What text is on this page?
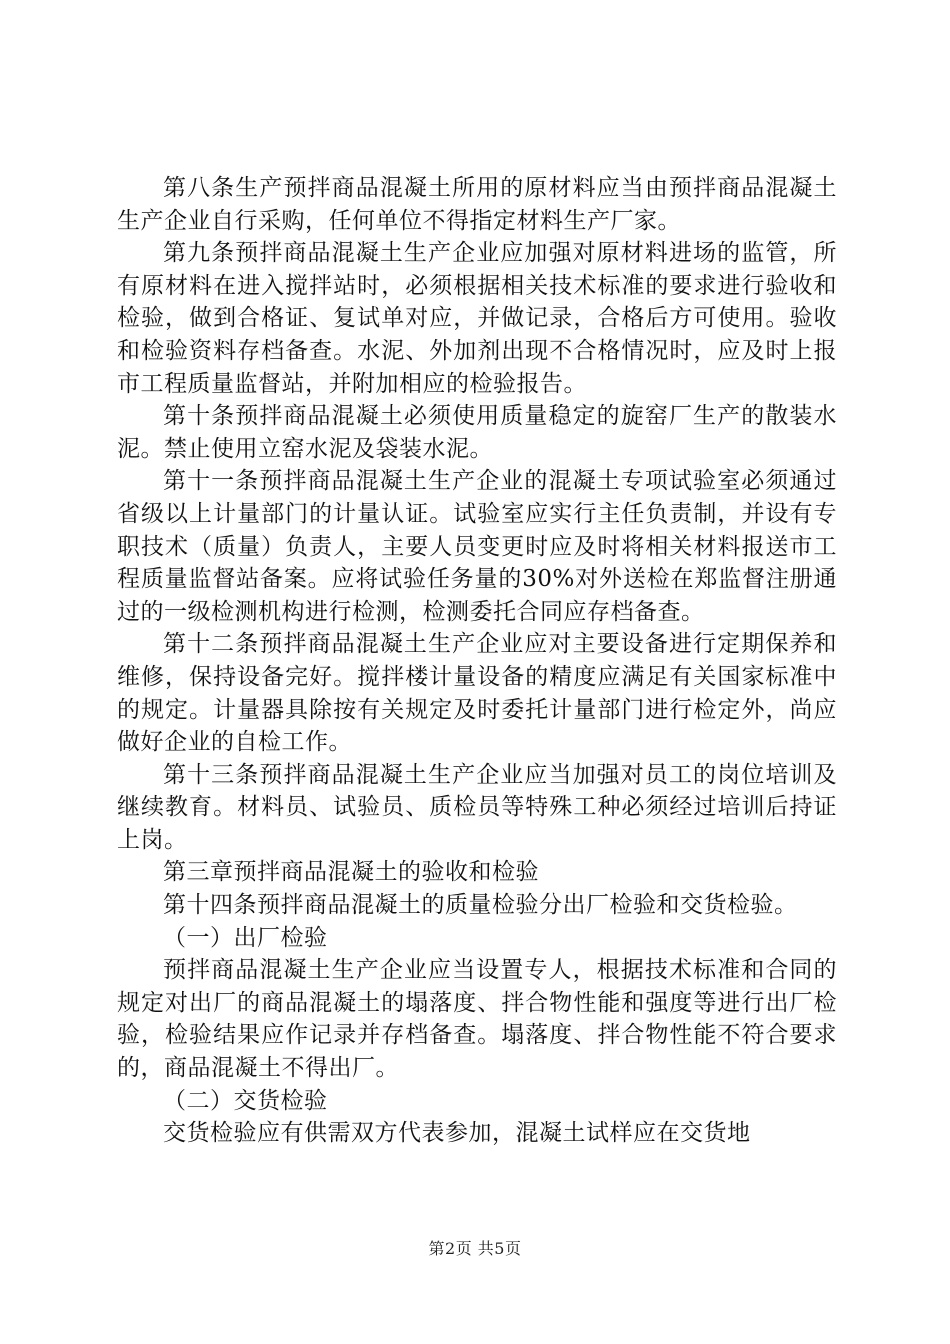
第八条生产预拌商品混凝土所用的原材料应当由预拌商品混凝土生产企业自行采购，任何单位不得指定材料生产厂家。

第九条预拌商品混凝土生产企业应加强对原材料进场的监管，所有原材料在进入搅拌站时，必须根据相关技术标准的要求进行验收和检验，做到合格证、复试单对应，并做记录，合格后方可使用。验收和检验资料存档备查。水泥、外加剂出现不合格情况时，应及时上报市工程质量监督站，并附加相应的检验报告。

第十条预拌商品混凝土必须使用质量稳定的旋窑厂生产的散装水泥。禁止使用立窑水泥及袋装水泥。

第十一条预拌商品混凝土生产企业的混凝土专项试验室必须通过省级以上计量部门的计量认证。试验室应实行主任负责制，并设有专职技术（质量）负责人，主要人员变更时应及时将相关材料报送市工程质量监督站备案。应将试验任务量的30%对外送检在郑监督注册通过的一级检测机构进行检测，检测委托合同应存档备查。

第十二条预拌商品混凝土生产企业应对主要设备进行定期保养和维修，保持设备完好。搅拌楼计量设备的精度应满足有关国家标准中的规定。计量器具除按有关规定及时委托计量部门进行检定外，尚应做好企业的自检工作。

第十三条预拌商品混凝土生产企业应当加强对员工的岗位培训及继续教育。材料员、试验员、质检员等特殊工种必须经过培训后持证上岗。

第三章预拌商品混凝土的验收和检验

第十四条预拌商品混凝土的质量检验分出厂检验和交货检验。

（一）出厂检验

预拌商品混凝土生产企业应当设置专人，根据技术标准和合同的规定对出厂的商品混凝土的塌落度、拌合物性能和强度等进行出厂检验，检验结果应作记录并存档备查。塌落度、拌合物性能不符合要求的，商品混凝土不得出厂。

（二）交货检验

交货检验应有供需双方代表参加，混凝土试样应在交货地

第2页 共5页
